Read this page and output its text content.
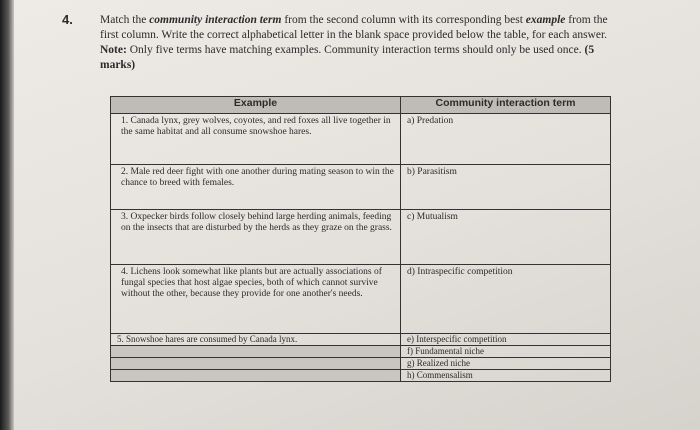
4. Match the community interaction term from the second column with its corresponding best example from the first column. Write the correct alphabetical letter in the blank space provided below the table, for each answer. Note: Only five terms have matching examples. Community interaction terms should only be used once. (5 marks)
Example	Community interaction term
1. Canada lynx, grey wolves, coyotes, and red foxes all live together in the same habitat and all consume snowshoe hares.	a) Predation
2. Male red deer fight with one another during mating season to win the chance to breed with females.	b) Parasitism
3. Oxpecker birds follow closely behind large herding animals, feeding on the insects that are disturbed by the herds as they graze on the grass.	c) Mutualism
4. Lichens look somewhat like plants but are actually associations of fungal species that host algae species, both of which cannot survive without the other, because they provide for one another's needs.	d) Intraspecific competition
5. Snowshoe hares are consumed by Canada lynx.	e) Interspecific competition
	f) Fundamental niche
	g) Realized niche
	h) Commensalism
